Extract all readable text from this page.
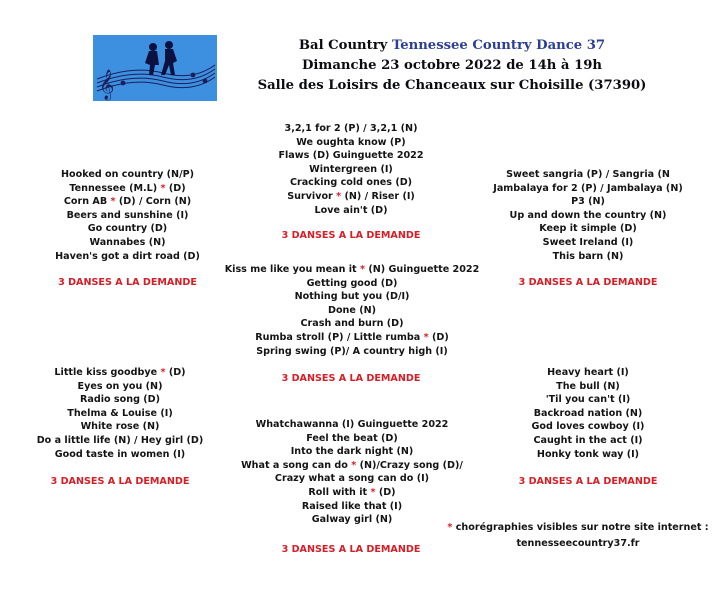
𝄞
Bal Country Tennessee Country Dance 37
Dimanche 23 octobre 2022 de 14h à 19h
Salle des Loisirs de Chanceaux sur Choisille (37390)
3,2,1 for 2 (P) / 3,2,1 (N)
We oughta know (P)
Flaws (D) Guinguette 2022
Wintergreen (I)
Cracking cold ones (D)
Survivor * (N) / Riser (I)
Love ain't (D)
Hooked on country (N/P)
Tennessee (M.L) * (D)
Corn AB * (D) / Corn (N)
Beers and sunshine (I)
Go country (D)
Wannabes (N)
Haven's got a dirt road (D)
Sweet sangria (P) / Sangria (N
Jambalaya for 2 (P) / Jambalaya (N)
P3 (N)
Up and down the country (N)
Keep it simple (D)
Sweet Ireland (I)
This barn (N)
Kiss me like you mean it * (N) Guinguette 2022
Getting good (D)
Nothing but you (D/I)
Done (N)
Crash and burn (D)
Rumba stroll (P) / Little rumba * (D)
Spring swing (P)/ A country high (I)
Little kiss goodbye * (D)
Eyes on you (N)
Radio song (D)
Thelma & Louise (I)
White rose (N)
Do a little life (N) / Hey girl (D)
Good taste in women (I)
Heavy heart (I)
The bull (N)
'Til you can't (I)
Backroad nation (N)
God loves cowboy (I)
Caught in the act (I)
Honky tonk way (I)
Whatchawanna (I) Guinguette 2022
Feel the beat (D)
Into the dark night (N)
What a song can do * (N)/Crazy song (D)/
Crazy what a song can do (I)
Roll with it * (D)
Raised like that (I)
Galway girl (N)
3 DANSES A LA DEMANDE
3 DANSES A LA DEMANDE	3 DANSES A LA DEMANDE
3 DANSES A LA DEMANDE
3 DANSES A LA DEMANDE	3 DANSES A LA DEMANDE
3 DANSES A LA DEMANDE
* chorégraphies visibles sur notre site internet :
tennesseecountry37.fr
